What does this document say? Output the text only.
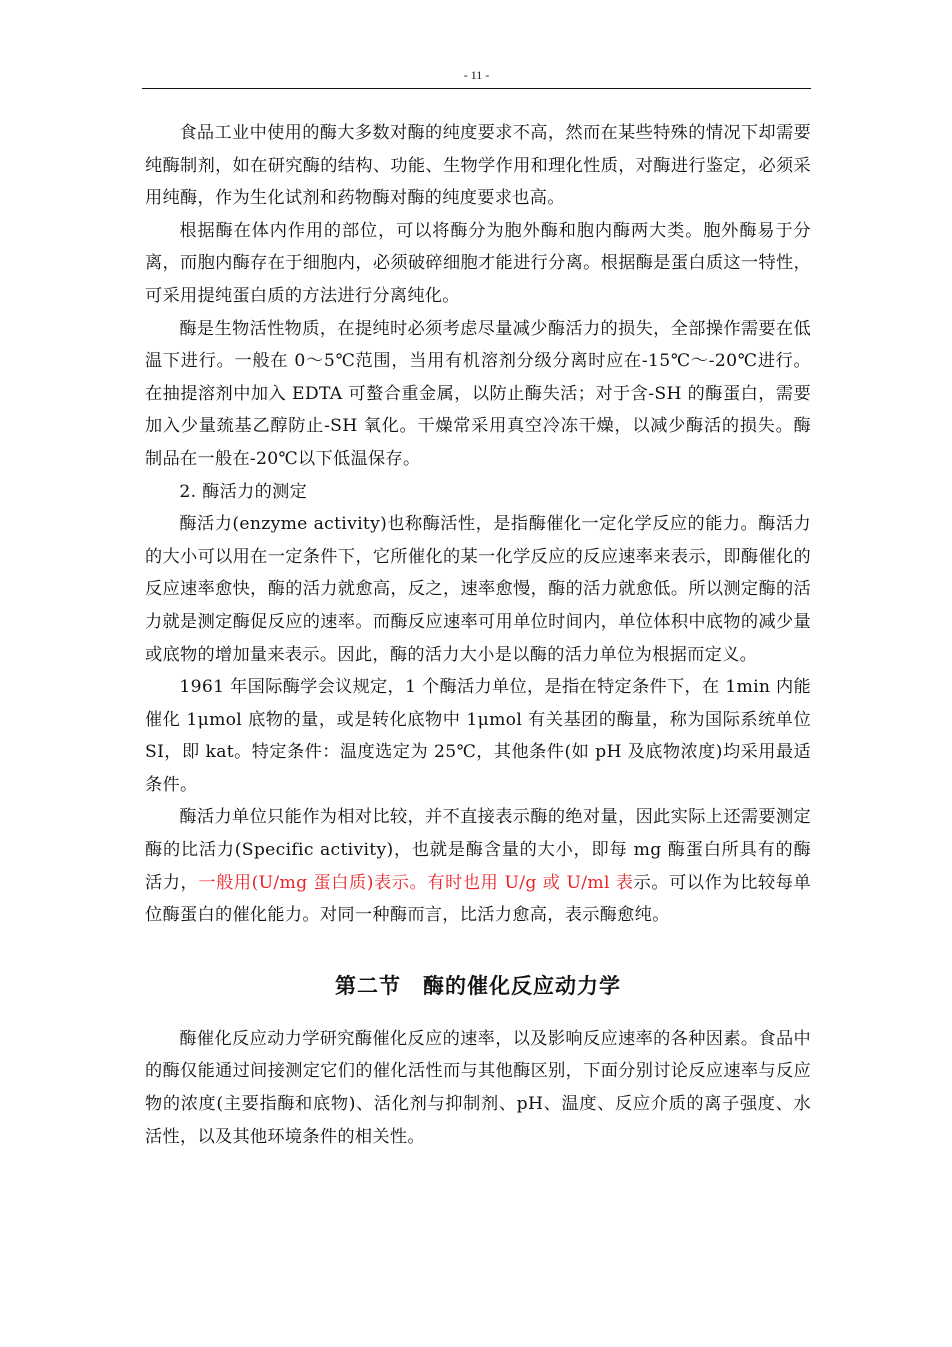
- 11 -

食品工业中使用的酶大多数对酶的纯度要求不高，然而在某些特殊的情况下却需要纯酶制剂，如在研究酶的结构、功能、生物学作用和理化性质，对酶进行鉴定，必须采用纯酶，作为生化试剂和药物酶对酶的纯度要求也高。

根据酶在体内作用的部位，可以将酶分为胞外酶和胞内酶两大类。胞外酶易于分离，而胞内酶存在于细胞内，必须破碎细胞才能进行分离。根据酶是蛋白质这一特性，可采用提纯蛋白质的方法进行分离纯化。

酶是生物活性物质，在提纯时必须考虑尽量减少酶活力的损失，全部操作需要在低温下进行。一般在 0～5℃范围，当用有机溶剂分级分离时应在-15℃～-20℃进行。在抽提溶剂中加入 EDTA 可螯合重金属，以防止酶失活；对于含-SH 的酶蛋白，需要加入少量巯基乙醇防止-SH 氧化。干燥常采用真空冷冻干燥，以减少酶活的损失。酶制品在一般在-20℃以下低温保存。

2. 酶活力的测定

酶活力(enzyme activity)也称酶活性，是指酶催化一定化学反应的能力。酶活力的大小可以用在一定条件下，它所催化的某一化学反应的反应速率来表示，即酶催化的反应速率愈快，酶的活力就愈高，反之，速率愈慢，酶的活力就愈低。所以测定酶的活力就是测定酶促反应的速率。而酶反应速率可用单位时间内，单位体积中底物的减少量或底物的增加量来表示。因此，酶的活力大小是以酶的活力单位为根据而定义。

1961 年国际酶学会议规定，1 个酶活力单位，是指在特定条件下，在 1min 内能催化 1μmol 底物的量，或是转化底物中 1μmol 有关基团的酶量，称为国际系统单位 SI，即 kat。特定条件：温度选定为 25℃，其他条件(如 pH 及底物浓度)均采用最适条件。

酶活力单位只能作为相对比较，并不直接表示酶的绝对量，因此实际上还需要测定酶的比活力(Specific activity)，也就是酶含量的大小，即每 mg 酶蛋白所具有的酶活力，一般用(U/mg 蛋白质)表示。有时也用 U/g 或 U/ml 表示。可以作为比较每单位酶蛋白的催化能力。对同一种酶而言，比活力愈高，表示酶愈纯。

第二节　酶的催化反应动力学

酶催化反应动力学研究酶催化反应的速率，以及影响反应速率的各种因素。食品中的酶仅能通过间接测定它们的催化活性而与其他酶区别，下面分别讨论反应速率与反应物的浓度(主要指酶和底物)、活化剂与抑制剂、pH、温度、反应介质的离子强度、水活性，以及其他环境条件的相关性。
